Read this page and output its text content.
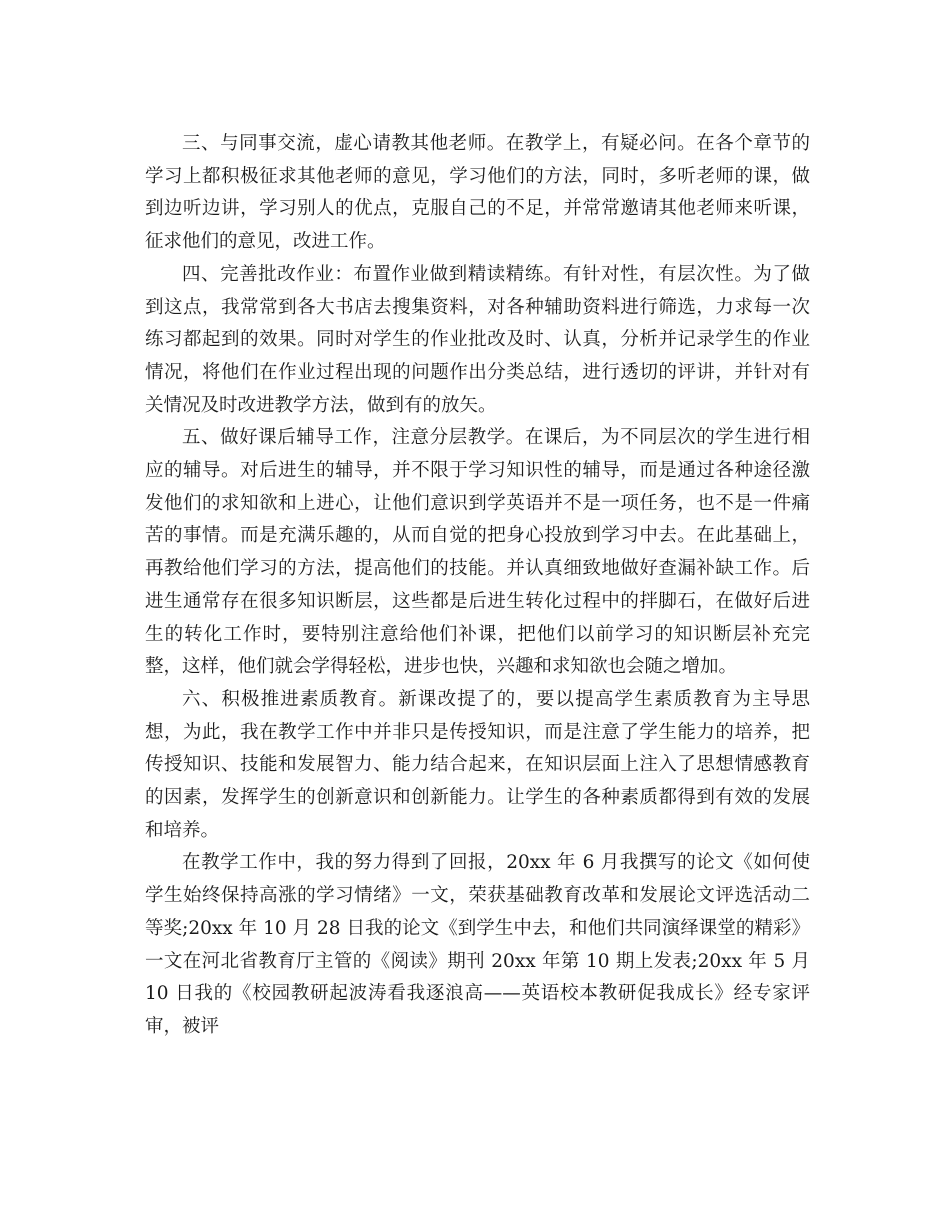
三、与同事交流，虚心请教其他老师。在教学上，有疑必问。在各个章节的学习上都积极征求其他老师的意见，学习他们的方法，同时，多听老师的课，做到边听边讲，学习别人的优点，克服自己的不足，并常常邀请其他老师来听课，征求他们的意见，改进工作。

四、完善批改作业：布置作业做到精读精练。有针对性，有层次性。为了做到这点，我常常到各大书店去搜集资料，对各种辅助资料进行筛选，力求每一次练习都起到的效果。同时对学生的作业批改及时、认真，分析并记录学生的作业情况，将他们在作业过程出现的问题作出分类总结，进行透切的评讲，并针对有关情况及时改进教学方法，做到有的放矢。

五、做好课后辅导工作，注意分层教学。在课后，为不同层次的学生进行相应的辅导。对后进生的辅导，并不限于学习知识性的辅导，而是通过各种途径激发他们的求知欲和上进心，让他们意识到学英语并不是一项任务，也不是一件痛苦的事情。而是充满乐趣的，从而自觉的把身心投放到学习中去。在此基础上，再教给他们学习的方法，提高他们的技能。并认真细致地做好查漏补缺工作。后进生通常存在很多知识断层，这些都是后进生转化过程中的拌脚石，在做好后进生的转化工作时，要特别注意给他们补课，把他们以前学习的知识断层补充完整，这样，他们就会学得轻松，进步也快，兴趣和求知欲也会随之增加。

六、积极推进素质教育。新课改提了的，要以提高学生素质教育为主导思想，为此，我在教学工作中并非只是传授知识，而是注意了学生能力的培养，把传授知识、技能和发展智力、能力结合起来，在知识层面上注入了思想情感教育的因素，发挥学生的创新意识和创新能力。让学生的各种素质都得到有效的发展和培养。

在教学工作中，我的努力得到了回报，20xx 年 6 月我撰写的论文《如何使学生始终保持高涨的学习情绪》一文，荣获基础教育改革和发展论文评选活动二等奖;20xx 年 10 月 28 日我的论文《到学生中去，和他们共同演绎课堂的精彩》一文在河北省教育厅主管的《阅读》期刊 20xx 年第 10 期上发表;20xx 年 5 月 10 日我的《校园教研起波涛看我逐浪高——英语校本教研促我成长》经专家评审，被评
